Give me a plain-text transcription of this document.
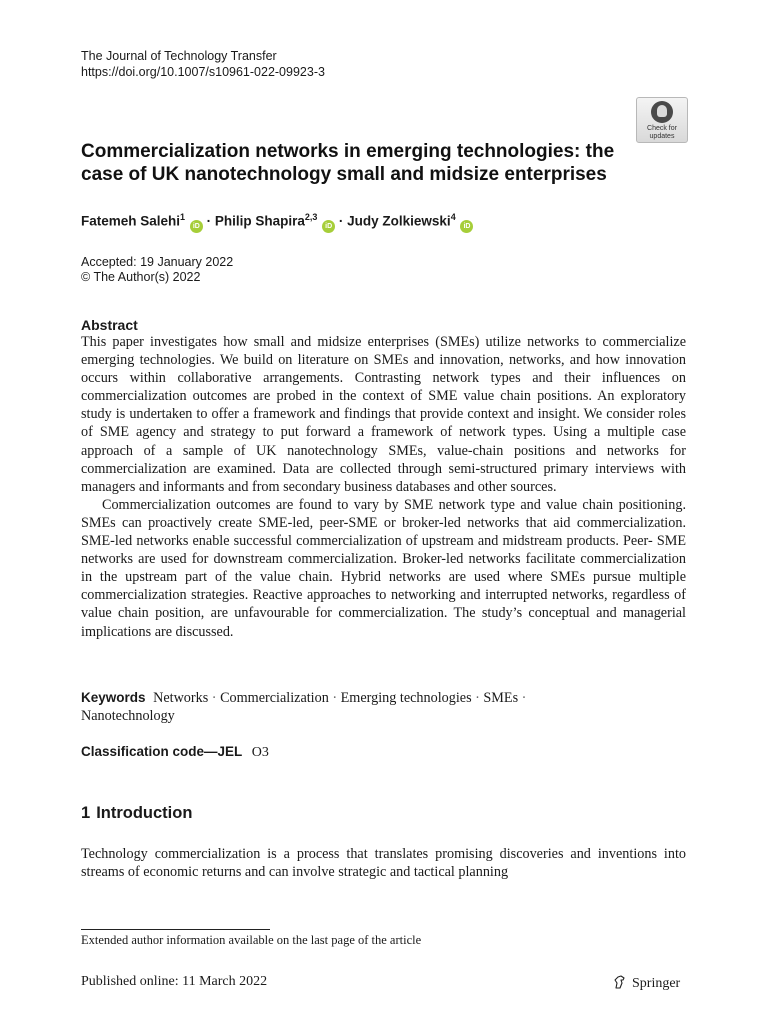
The Journal of Technology Transfer
https://doi.org/10.1007/s10961-022-09923-3
Check for
updates
Commercialization networks in emerging technologies: the
case of UK nanotechnology small and midsize enterprises
Fatemeh Salehi$^1$ iD · Philip Shapira$^{2,3}$ iD · Judy Zolkiewski$^4$ iD
Accepted: 19 January 2022
© The Author(s) 2022
Abstract

This paper investigates how small and midsize enterprises (SMEs) utilize networks to commercialize emerging technologies. We build on literature on SMEs and innovation, networks, and how innovation occurs within collaborative arrangements. Contrasting network types and their influences on commercialization outcomes are probed in the context of SME value chain positions. An exploratory study is undertaken to offer a framework and findings that provide context and insight. We consider roles of SME agency and strategy to put forward a framework of network types. Using a multiple case approach of a sample of UK nanotechnology SMEs, value-chain positions and networks for commercialization are examined. Data are collected through semi-structured primary interviews with managers and informants and from secondary business databases and other sources.

Commercialization outcomes are found to vary by SME network type and value chain positioning. SMEs can proactively create SME-led, peer-SME or broker-led networks that aid commercialization. SME-led networks enable successful commercialization of upstream and midstream products. Peer- SME networks are used for downstream commercialization. Broker-led networks facilitate commercialization in the upstream part of the value chain. Hybrid networks are used where SMEs pursue multiple commercialization strategies. Reactive approaches to networking and interrupted networks, regardless of value chain position, are unfavourable for commercialization. The study’s conceptual and managerial implications are discussed.

Keywords Networks · Commercialization · Emerging technologies · SMEs ·
Nanotechnology
Classification code—JEL O3
1 Introduction

Technology commercialization is a process that translates promising discoveries and inventions into streams of economic returns and can involve strategic and tactical planning

Extended author information available on the last page of the article
Published online: 11 March 2022	Springer
